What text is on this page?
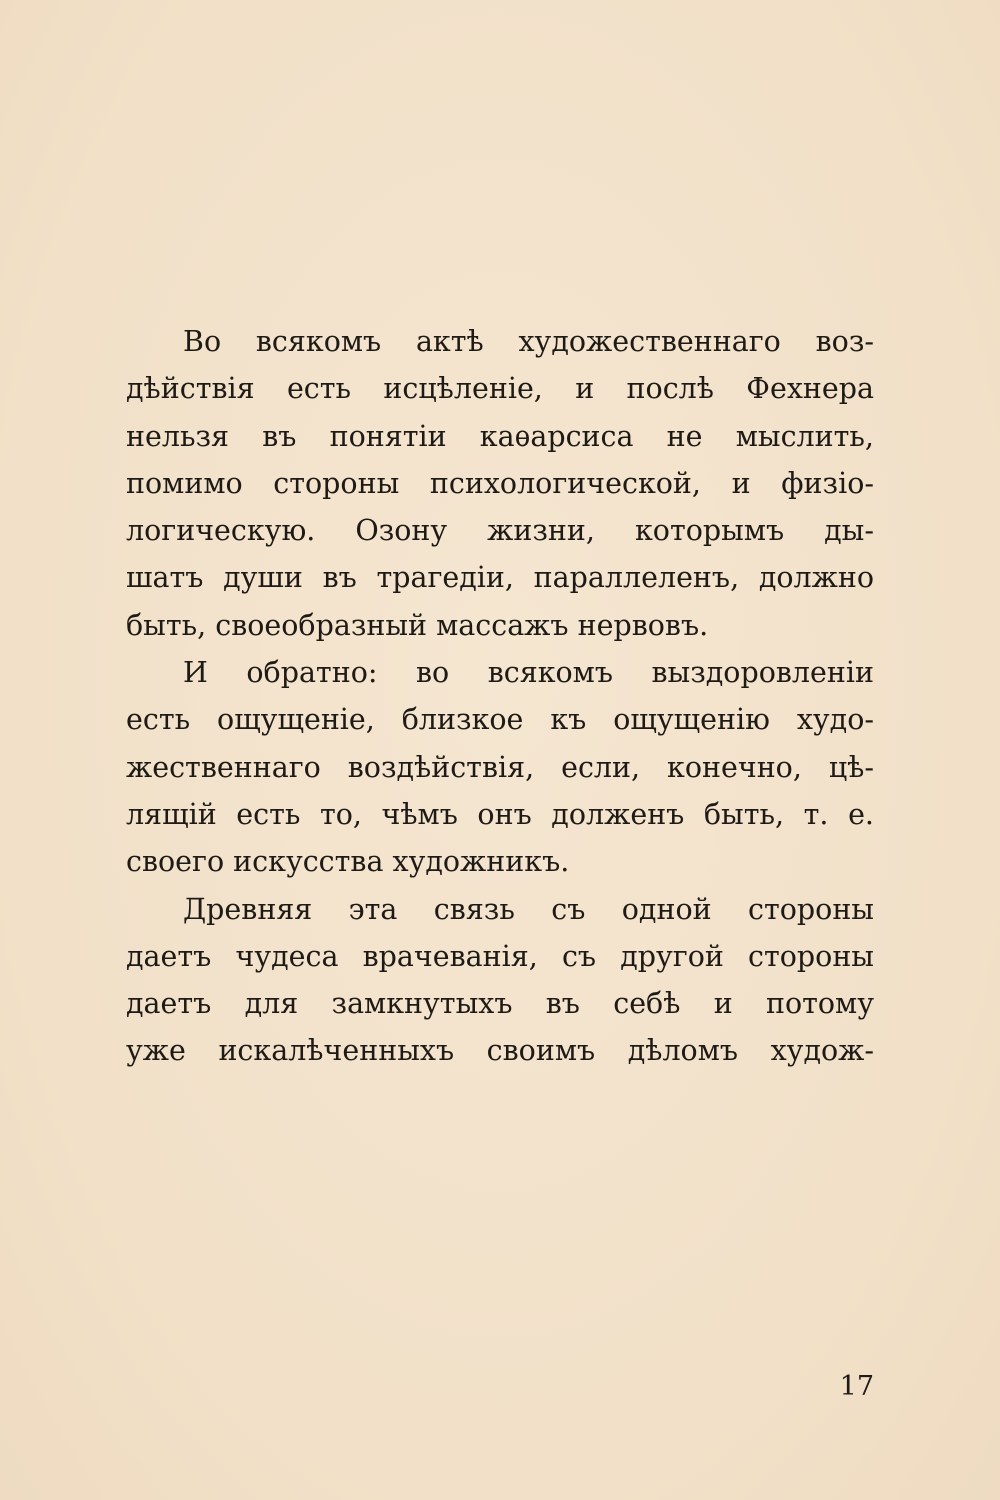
Во всякомъ актѣ художественнаго воз-
дѣйствія есть исцѣленіе, и послѣ Фехнера
нельзя въ понятіи каѳарсиса не мыслить,
помимо стороны психологической, и физіо-
логическую. Озону жизни, которымъ ды-
шатъ души въ трагедіи, параллеленъ, должно
быть, своеобразный массажъ нервовъ.
И обратно: во всякомъ выздоровленіи
есть ощущеніе, близкое къ ощущенію худо-
жественнаго воздѣйствія, если, конечно, цѣ-
лящій есть то, чѣмъ онъ долженъ быть, т. е.
своего искусства художникъ.
Древняя эта связь съ одной стороны
даетъ чудеса врачеванія, съ другой стороны
даетъ для замкнутыхъ въ себѣ и потому
уже искалѣченныхъ своимъ дѣломъ худож-
17
